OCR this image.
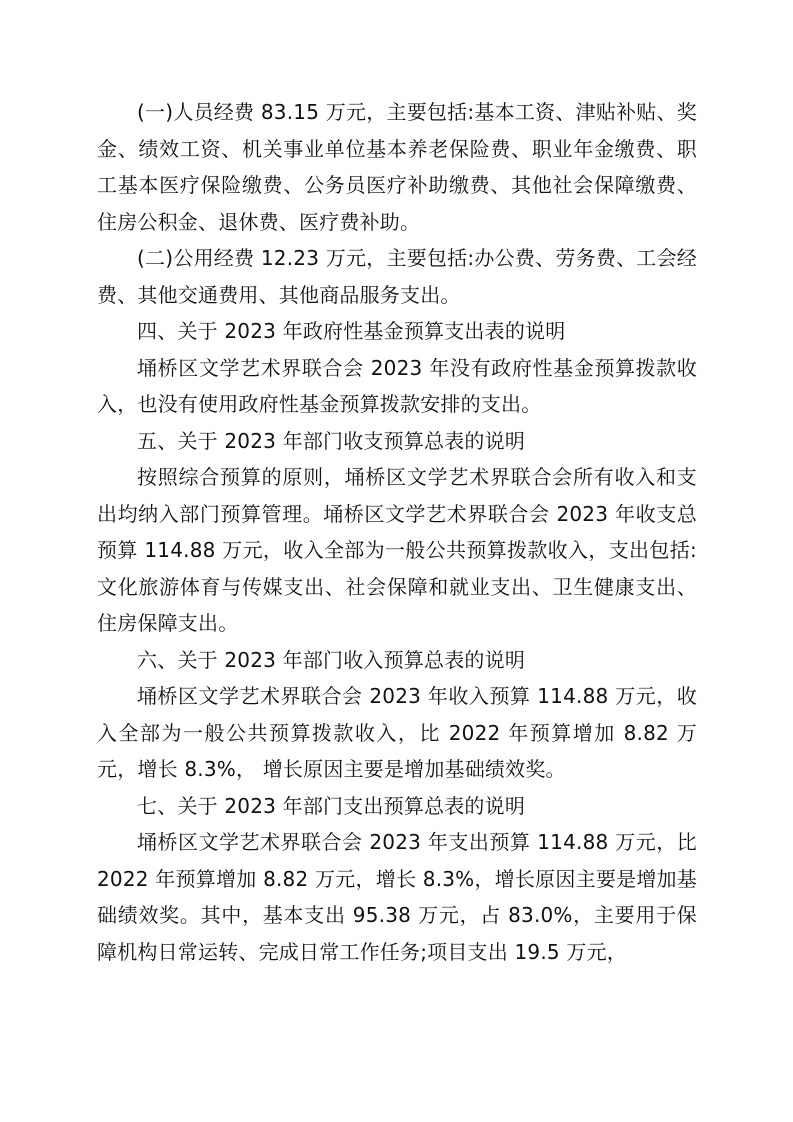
(一)人员经费 83.15 万元，主要包括:基本工资、津贴补贴、奖金、绩效工资、机关事业单位基本养老保险费、职业年金缴费、职工基本医疗保险缴费、公务员医疗补助缴费、其他社会保障缴费、住房公积金、退休费、医疗费补助。

(二)公用经费 12.23 万元，主要包括:办公费、劳务费、工会经费、其他交通费用、其他商品服务支出。

四、关于 2023 年政府性基金预算支出表的说明

埇桥区文学艺术界联合会 2023 年没有政府性基金预算拨款收入，也没有使用政府性基金预算拨款安排的支出。

五、关于 2023 年部门收支预算总表的说明

按照综合预算的原则，埇桥区文学艺术界联合会所有收入和支出均纳入部门预算管理。埇桥区文学艺术界联合会 2023 年收支总预算 114.88 万元，收入全部为一般公共预算拨款收入，支出包括: 文化旅游体育与传媒支出、社会保障和就业支出、卫生健康支出、住房保障支出。

六、关于 2023 年部门收入预算总表的说明

埇桥区文学艺术界联合会 2023 年收入预算 114.88 万元，收入全部为一般公共预算拨款收入，比 2022 年预算增加 8.82 万元，增长 8.3%， 增长原因主要是增加基础绩效奖。

七、关于 2023 年部门支出预算总表的说明

埇桥区文学艺术界联合会 2023 年支出预算 114.88 万元，比 2022 年预算增加 8.82 万元，增长 8.3%，增长原因主要是增加基础绩效奖。其中，基本支出 95.38 万元，占 83.0%，主要用于保障机构日常运转、完成日常工作任务;项目支出 19.5 万元，
